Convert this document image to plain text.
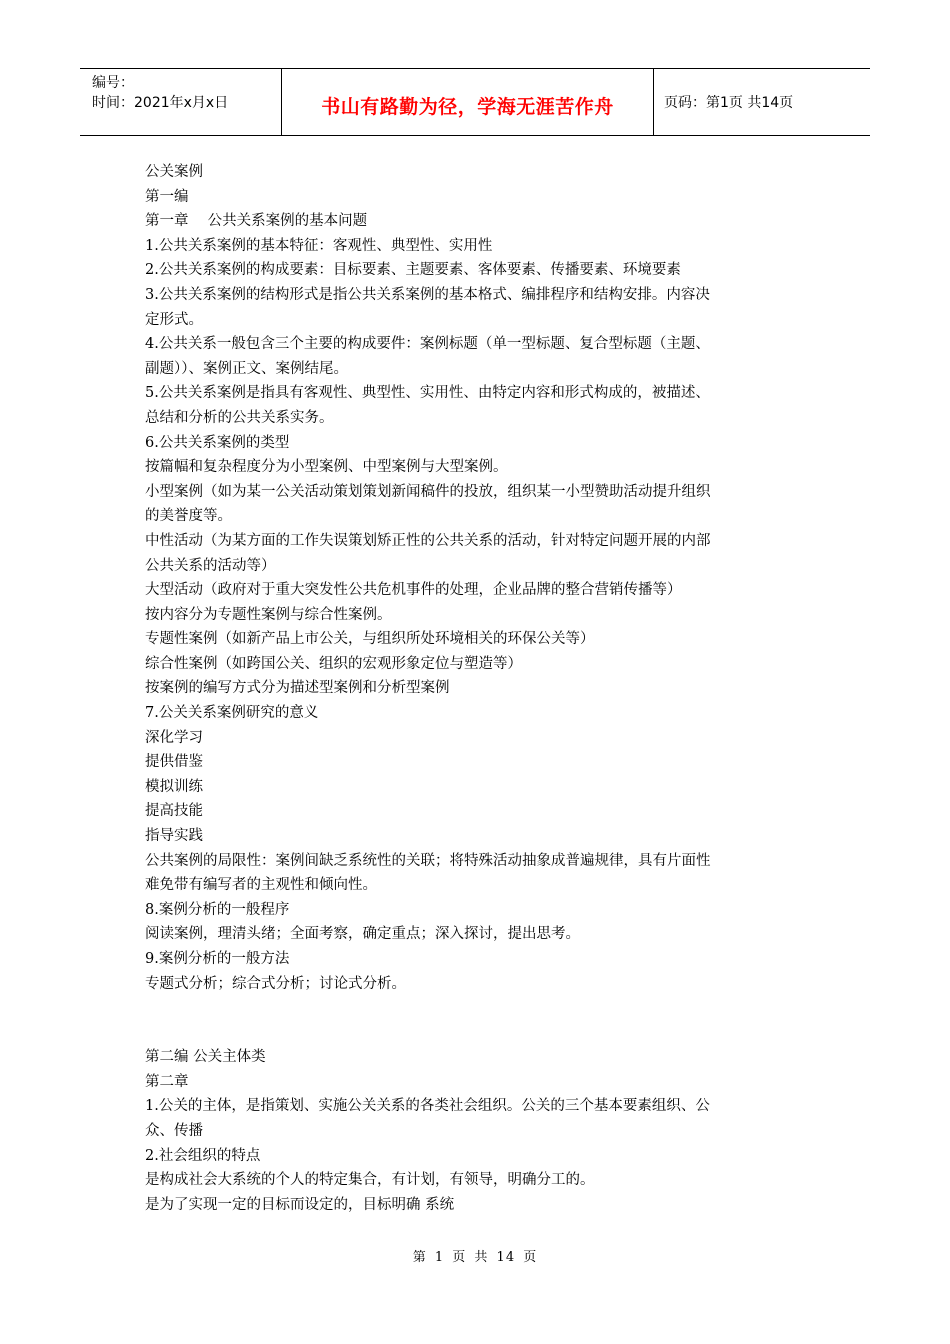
编号：
时间：2021年x月x日	书山有路勤为径，学海无涯苦作舟	页码：第1页 共14页

公关案例

第一编

第一章　 公共关系案例的基本问题

1.公共关系案例的基本特征：客观性、典型性、实用性

2.公共关系案例的构成要素：目标要素、主题要素、客体要素、传播要素、环境要素

3.公共关系案例的结构形式是指公共关系案例的基本格式、编排程序和结构安排。内容决

定形式。

4.公共关系一般包含三个主要的构成要件：案例标题（单一型标题、复合型标题（主题、

副题））、案例正文、案例结尾。

5.公共关系案例是指具有客观性、典型性、实用性、由特定内容和形式构成的，被描述、

总结和分析的公共关系实务。

6.公共关系案例的类型

按篇幅和复杂程度分为小型案例、中型案例与大型案例。

小型案例（如为某一公关活动策划策划新闻稿件的投放，组织某一小型赞助活动提升组织

的美誉度等。

中性活动（为某方面的工作失误策划矫正性的公共关系的活动，针对特定问题开展的内部

公共关系的活动等）

大型活动（政府对于重大突发性公共危机事件的处理，企业品牌的整合营销传播等）

按内容分为专题性案例与综合性案例。

专题性案例（如新产品上市公关，与组织所处环境相关的环保公关等）

综合性案例（如跨国公关、组织的宏观形象定位与塑造等）

按案例的编写方式分为描述型案例和分析型案例

7.公关关系案例研究的意义

深化学习

提供借鉴

模拟训练

提高技能

指导实践

公共案例的局限性：案例间缺乏系统性的关联；将特殊活动抽象成普遍规律，具有片面性

难免带有编写者的主观性和倾向性。

8.案例分析的一般程序

阅读案例，理清头绪；全面考察，确定重点；深入探讨，提出思考。

9.案例分析的一般方法

专题式分析；综合式分析；讨论式分析。

第二编 公关主体类

第二章

1.公关的主体，是指策划、实施公关关系的各类社会组织。公关的三个基本要素组织、公

众、传播

2.社会组织的特点

是构成社会大系统的个人的特定集合，有计划，有领导，明确分工的。

是为了实现一定的目标而设定的，目标明确 系统

第 1 页 共 14 页
